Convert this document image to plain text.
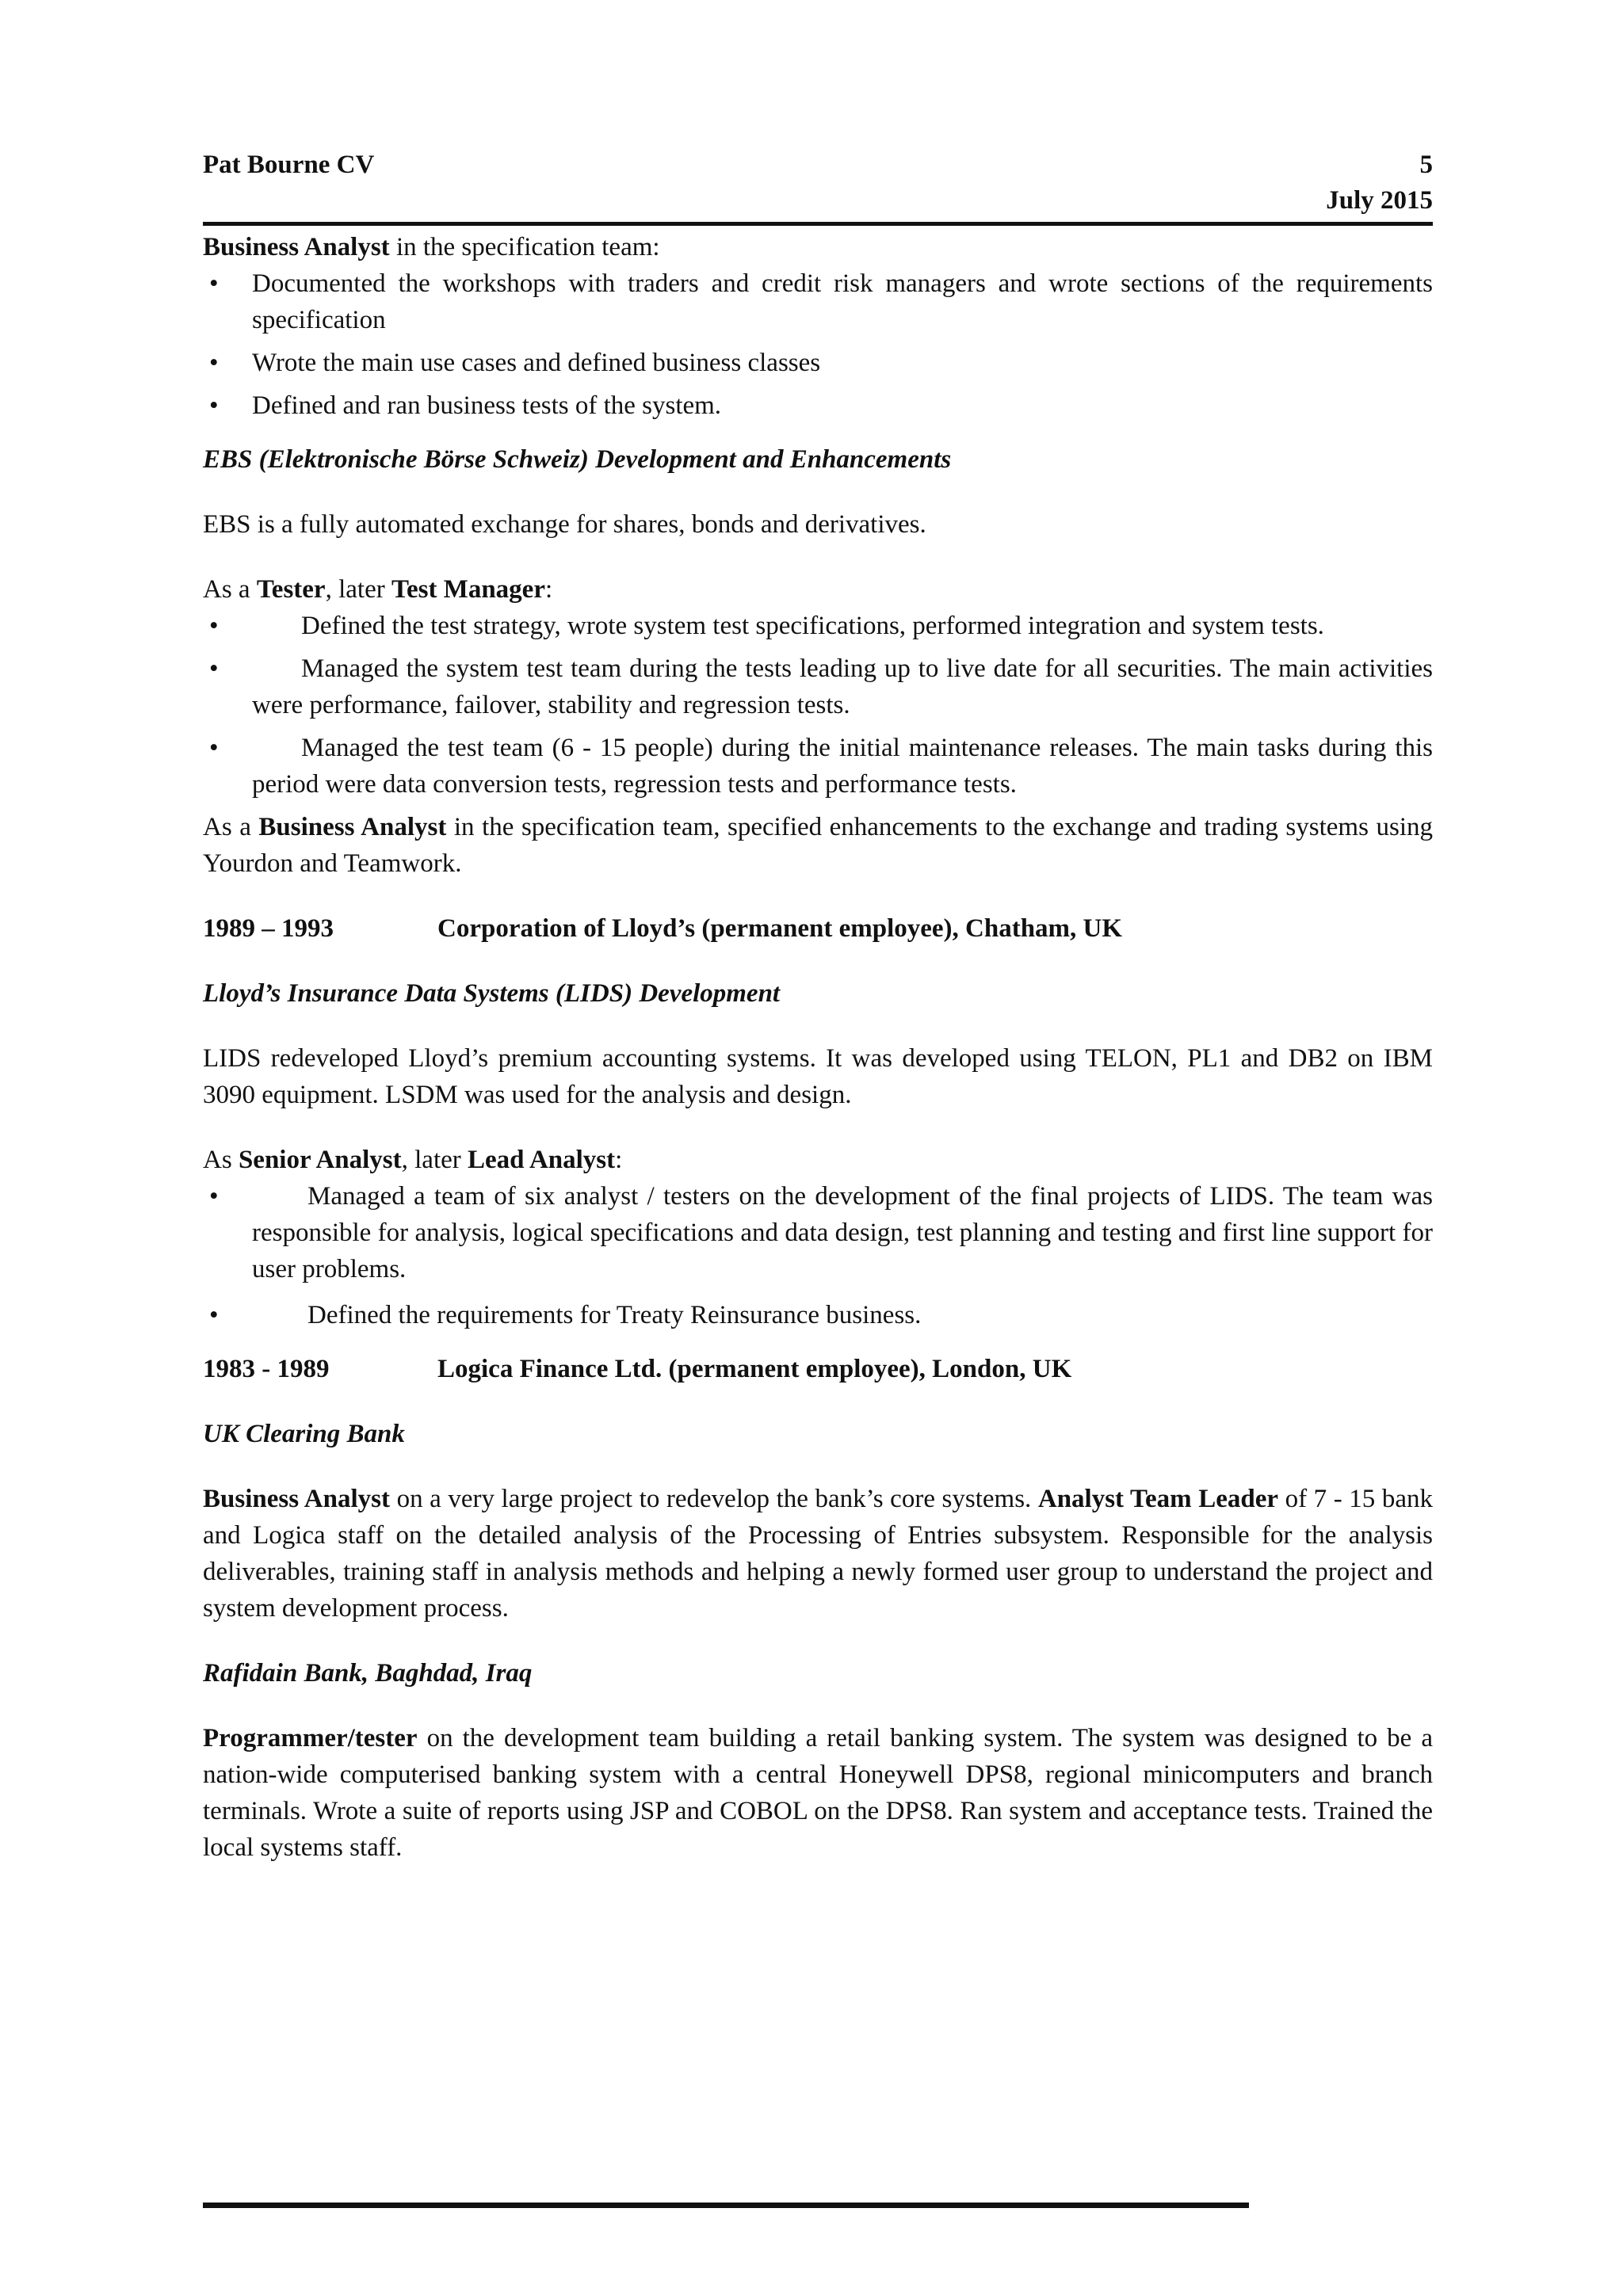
Pat Bourne CV	5
July 2015

Business Analyst in the specification team:

• Documented the workshops with traders and credit risk managers and wrote sections of the requirements specification
• Wrote the main use cases and defined business classes
• Defined and ran business tests of the system.
EBS (Elektronische Börse Schweiz) Development and Enhancements

EBS is a fully automated exchange for shares, bonds and derivatives.

As a Tester, later Test Manager:

•	Defined the test strategy, wrote system test specifications, performed integration and system tests.
•	Managed the system test team during the tests leading up to live date for all securities. The main activities were performance, failover, stability and regression tests.
•	Managed the test team (6 - 15 people) during the initial maintenance releases. The main tasks during this period were data conversion tests, regression tests and performance tests.

As a Business Analyst in the specification team, specified enhancements to the exchange and trading systems using Yourdon and Teamwork.

1989 – 1993	Corporation of Lloyd’s (permanent employee), Chatham, UK
Lloyd’s Insurance Data Systems (LIDS) Development

LIDS redeveloped Lloyd’s premium accounting systems. It was developed using TELON, PL1 and DB2 on IBM 3090 equipment. LSDM was used for the analysis and design.

As Senior Analyst, later Lead Analyst:

•	Managed a team of six analyst / testers on the development of the final projects of LIDS. The team was responsible for analysis, logical specifications and data design, test planning and testing and first line support for user problems.
•	Defined the requirements for Treaty Reinsurance business.
1983 - 1989	Logica Finance Ltd. (permanent employee), London, UK
UK Clearing Bank

Business Analyst on a very large project to redevelop the bank’s core systems. Analyst Team Leader of 7 - 15 bank and Logica staff on the detailed analysis of the Processing of Entries subsystem. Responsible for the analysis deliverables, training staff in analysis methods and helping a newly formed user group to understand the project and system development process.

Rafidain Bank, Baghdad, Iraq

Programmer/tester on the development team building a retail banking system. The system was designed to be a nation-wide computerised banking system with a central Honeywell DPS8, regional minicomputers and branch terminals. Wrote a suite of reports using JSP and COBOL on the DPS8. Ran system and acceptance tests. Trained the local systems staff.
